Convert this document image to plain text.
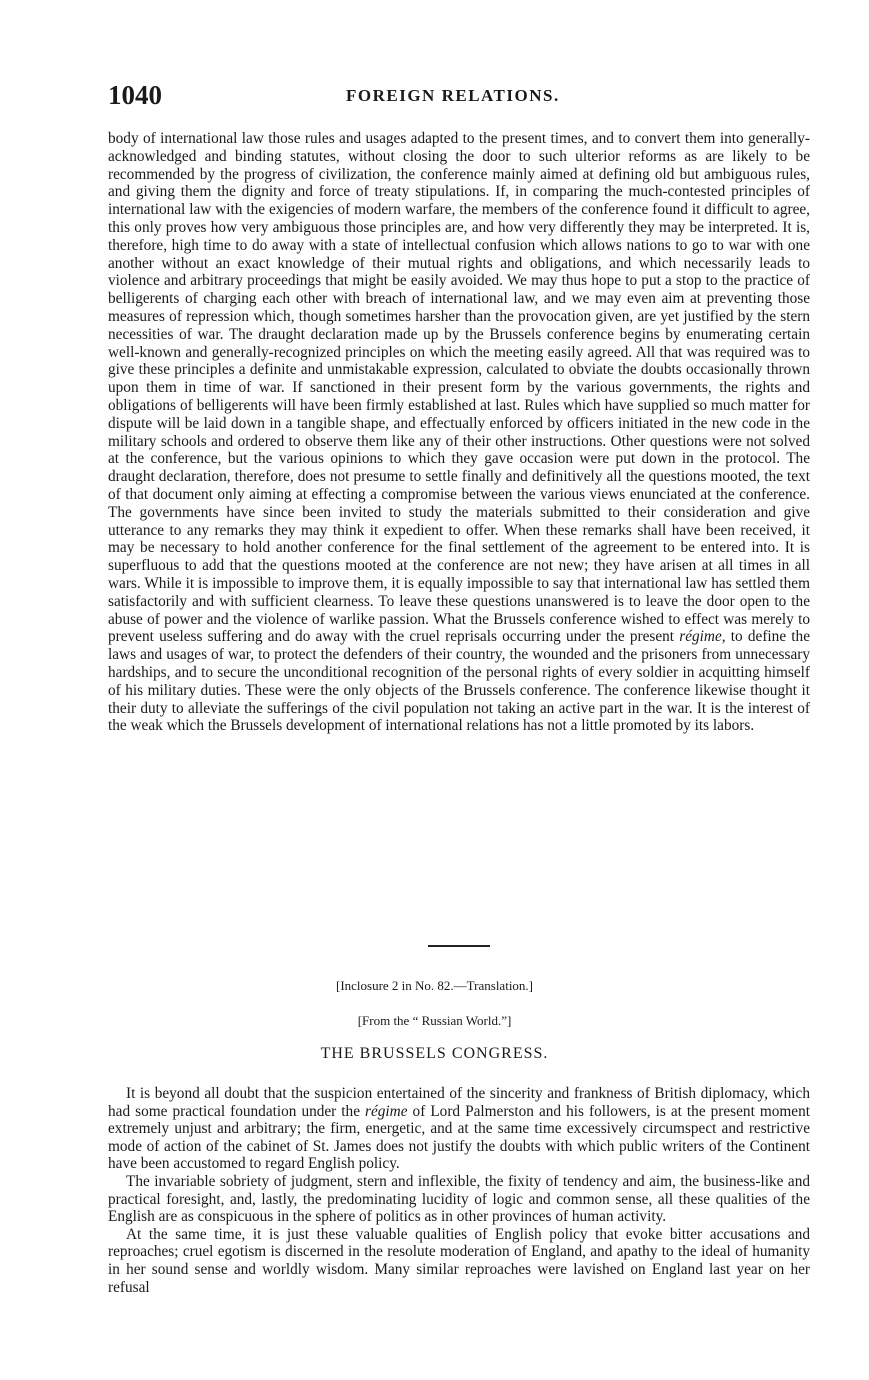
1040	FOREIGN RELATIONS.

body of international law those rules and usages adapted to the present times, and to convert them into generally-acknowledged and binding statutes, without closing the door to such ulterior reforms as are likely to be recommended by the progress of civilization, the conference mainly aimed at defining old but ambiguous rules, and giving them the dignity and force of treaty stipulations. If, in comparing the much-contested principles of international law with the exigencies of modern warfare, the members of the conference found it difficult to agree, this only proves how very ambiguous those principles are, and how very differently they may be interpreted. It is, therefore, high time to do away with a state of intellectual confusion which allows nations to go to war with one another without an exact knowledge of their mutual rights and obligations, and which necessarily leads to violence and arbitrary proceedings that might be easily avoided. We may thus hope to put a stop to the practice of belligerents of charging each other with breach of international law, and we may even aim at preventing those measures of repression which, though sometimes harsher than the provocation given, are yet justified by the stern necessities of war. The draught declaration made up by the Brussels conference begins by enumerating certain well-known and generally-recognized principles on which the meeting easily agreed. All that was required was to give these principles a definite and unmistakable expression, calculated to obviate the doubts occasionally thrown upon them in time of war. If sanctioned in their present form by the various governments, the rights and obligations of belligerents will have been firmly established at last. Rules which have supplied so much matter for dispute will be laid down in a tangible shape, and effectually enforced by officers initiated in the new code in the military schools and ordered to observe them like any of their other instructions. Other questions were not solved at the conference, but the various opinions to which they gave occasion were put down in the protocol. The draught declaration, therefore, does not presume to settle finally and definitively all the questions mooted, the text of that document only aiming at effecting a compromise between the various views enunciated at the conference. The governments have since been invited to study the materials submitted to their consideration and give utterance to any remarks they may think it expedient to offer. When these remarks shall have been received, it may be necessary to hold another conference for the final settlement of the agreement to be entered into. It is superfluous to add that the questions mooted at the conference are not new; they have arisen at all times in all wars. While it is impossible to improve them, it is equally impossible to say that international law has settled them satisfactorily and with sufficient clearness. To leave these questions unanswered is to leave the door open to the abuse of power and the violence of warlike passion. What the Brussels conference wished to effect was merely to prevent useless suffering and do away with the cruel reprisals occurring under the present régime, to define the laws and usages of war, to protect the defenders of their country, the wounded and the prisoners from unnecessary hardships, and to secure the unconditional recognition of the personal rights of every soldier in acquitting himself of his military duties. These were the only objects of the Brussels conference. The conference likewise thought it their duty to alleviate the sufferings of the civil population not taking an active part in the war. It is the interest of the weak which the Brussels development of international relations has not a little promoted by its labors.

[Inclosure 2 in No. 82.—Translation.]
[From the “ Russian World.”]
THE BRUSSELS CONGRESS.

It is beyond all doubt that the suspicion entertained of the sincerity and frankness of British diplomacy, which had some practical foundation under the régime of Lord Palmerston and his followers, is at the present moment extremely unjust and arbitrary; the firm, energetic, and at the same time excessively circumspect and restrictive mode of action of the cabinet of St. James does not justify the doubts with which public writers of the Continent have been accustomed to regard English policy.

The invariable sobriety of judgment, stern and inflexible, the fixity of tendency and aim, the business-like and practical foresight, and, lastly, the predominating lucidity of logic and common sense, all these qualities of the English are as conspicuous in the sphere of politics as in other provinces of human activity.

At the same time, it is just these valuable qualities of English policy that evoke bitter accusations and reproaches; cruel egotism is discerned in the resolute moderation of England, and apathy to the ideal of humanity in her sound sense and worldly wisdom. Many similar reproaches were lavished on England last year on her refusal
